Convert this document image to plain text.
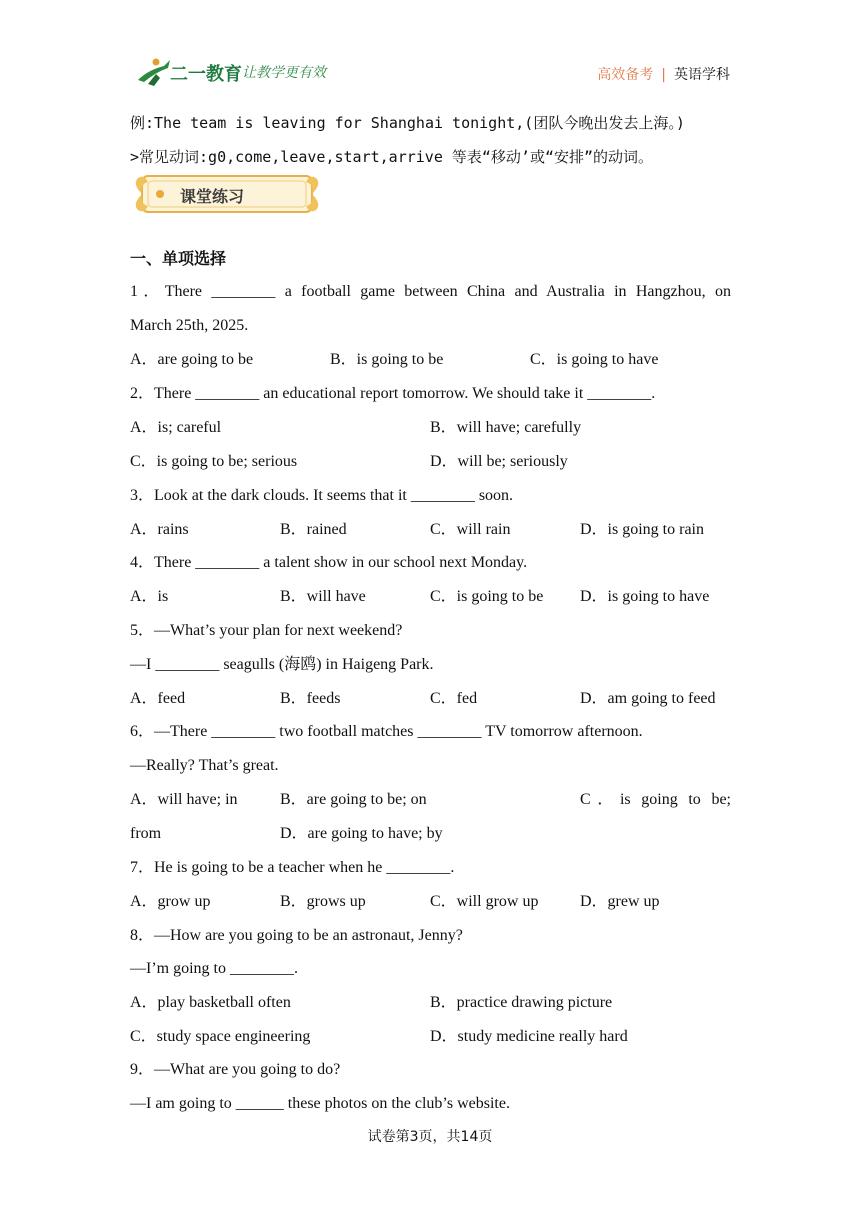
二一教育 让教学更有效	高效备考 | 英语学科
例:The team is leaving for Shanghai tonight,(团队今晚出发去上海。)
>常见动词:g0,come,leave,start,arrive 等表“移动’或“安排”的动词。
课堂练习
一、单项选择
1．There ________ a football game between China and Australia in Hangzhou, on
March 25th, 2025.
A．are going to be	B．is going to be	C．is going to have
2．There ________ an educational report tomorrow. We should take it ________.
A．is; careful	B．will have; carefully
C．is going to be; serious	D．will be; seriously
3．Look at the dark clouds. It seems that it ________ soon.
A．rains	B．rained	C．will rain	D．is going to rain
4．There ________ a talent show in our school next Monday.
A．is	B．will have	C．is going to be D．is going to have
5．—What’s your plan for next weekend?
—I ________ seagulls (海鸥) in Haigeng Park.
A．feed	B．feeds	C．fed	D．am going to feed
6．—There ________ two football matches ________ TV tomorrow afternoon.
—Really? That’s great.
A．will have; in	B．are going to be; on	C．is going to be;
from	D．are going to have; by
7．He is going to be a teacher when he ________.
A．grow up	B．grows up	C．will grow up	D．grew up
8．—How are you going to be an astronaut, Jenny?
—I’m going to ________.
A．play basketball often	B．practice drawing picture
C．study space engineering	D．study medicine really hard
9．—What are you going to do?
—I am going to ______ these photos on the club’s website.
试卷第3页，共14页
